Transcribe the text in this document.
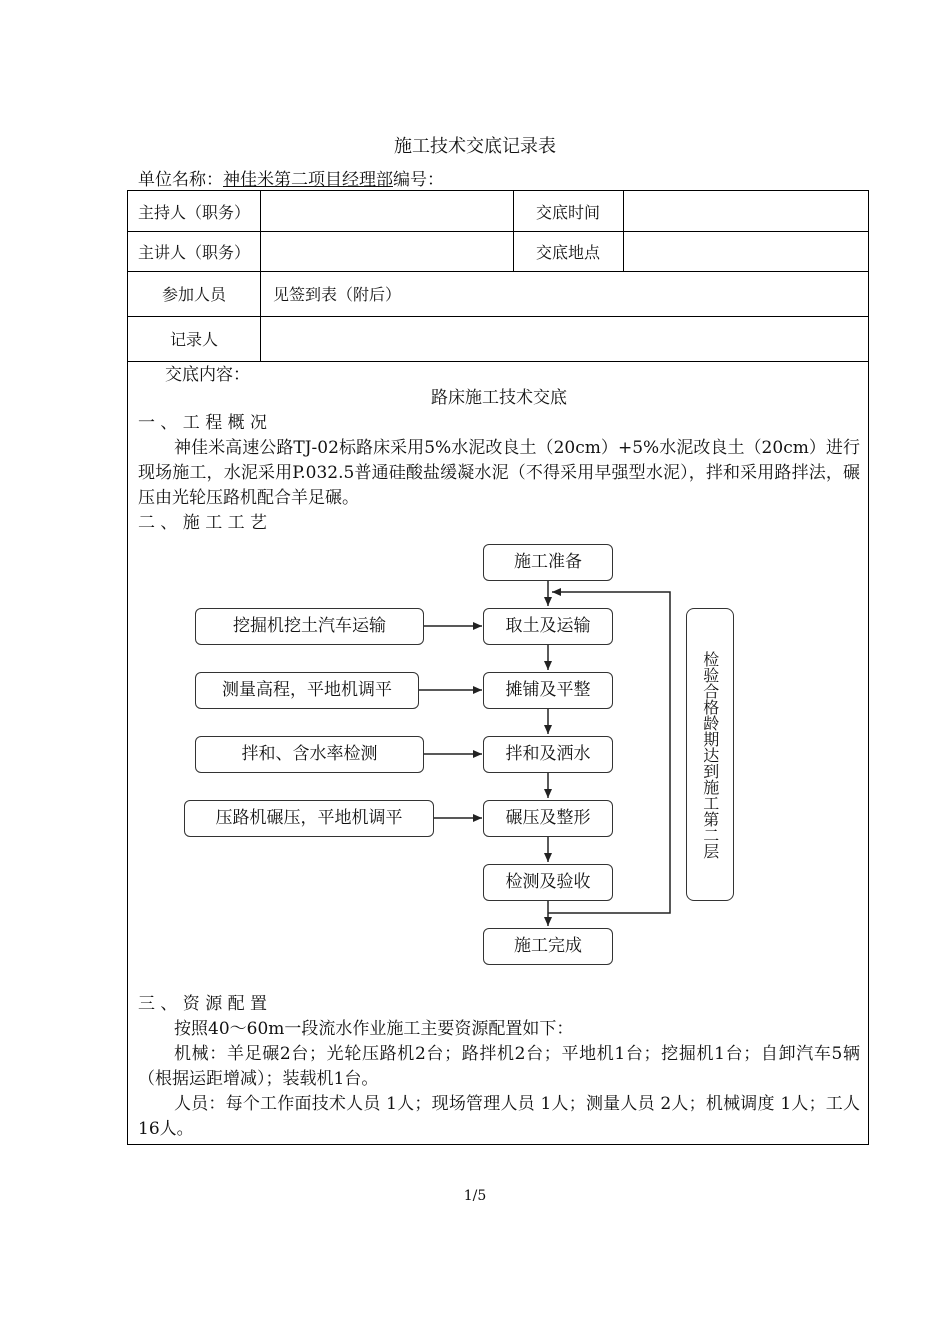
施工技术交底记录表
单位名称：神佳米第二项目经理部编号：
主持人（职务）	交底时间
主讲人（职务）	交底地点
参加人员	见签到表（附后）
记录人
交底内容：
路床施工技术交底
一 、 工 程 概 况
神佳米高速公路TJ-02标路床采用5%水泥改良土（20cm）+5%水泥改良土（20cm）进行现场施工，水泥采用P.032.5普通硅酸盐缓凝水泥（不得采用早强型水泥），拌和采用路拌法，碾压由光轮压路机配合羊足碾。
二 、 施 工 工 艺
施工准备
取土及运输
摊铺及平整
拌和及洒水
碾压及整形
检测及验收
施工完成
挖掘机挖土汽车运输
测量高程，平地机调平
拌和、含水率检测
压路机碾压，平地机调平	检验合格龄期达到施工第二层
三 、 资 源 配 置
按照40～60m一段流水作业施工主要资源配置如下：
机械：羊足碾2台；光轮压路机2台；路拌机2台；平地机1台；挖掘机1台；自卸汽车5辆（根据运距增减）；装载机1台。
人员：每个工作面技术人员 1人；现场管理人员 1人；测量人员 2人；机械调度 1人；工人16人。
1/5
